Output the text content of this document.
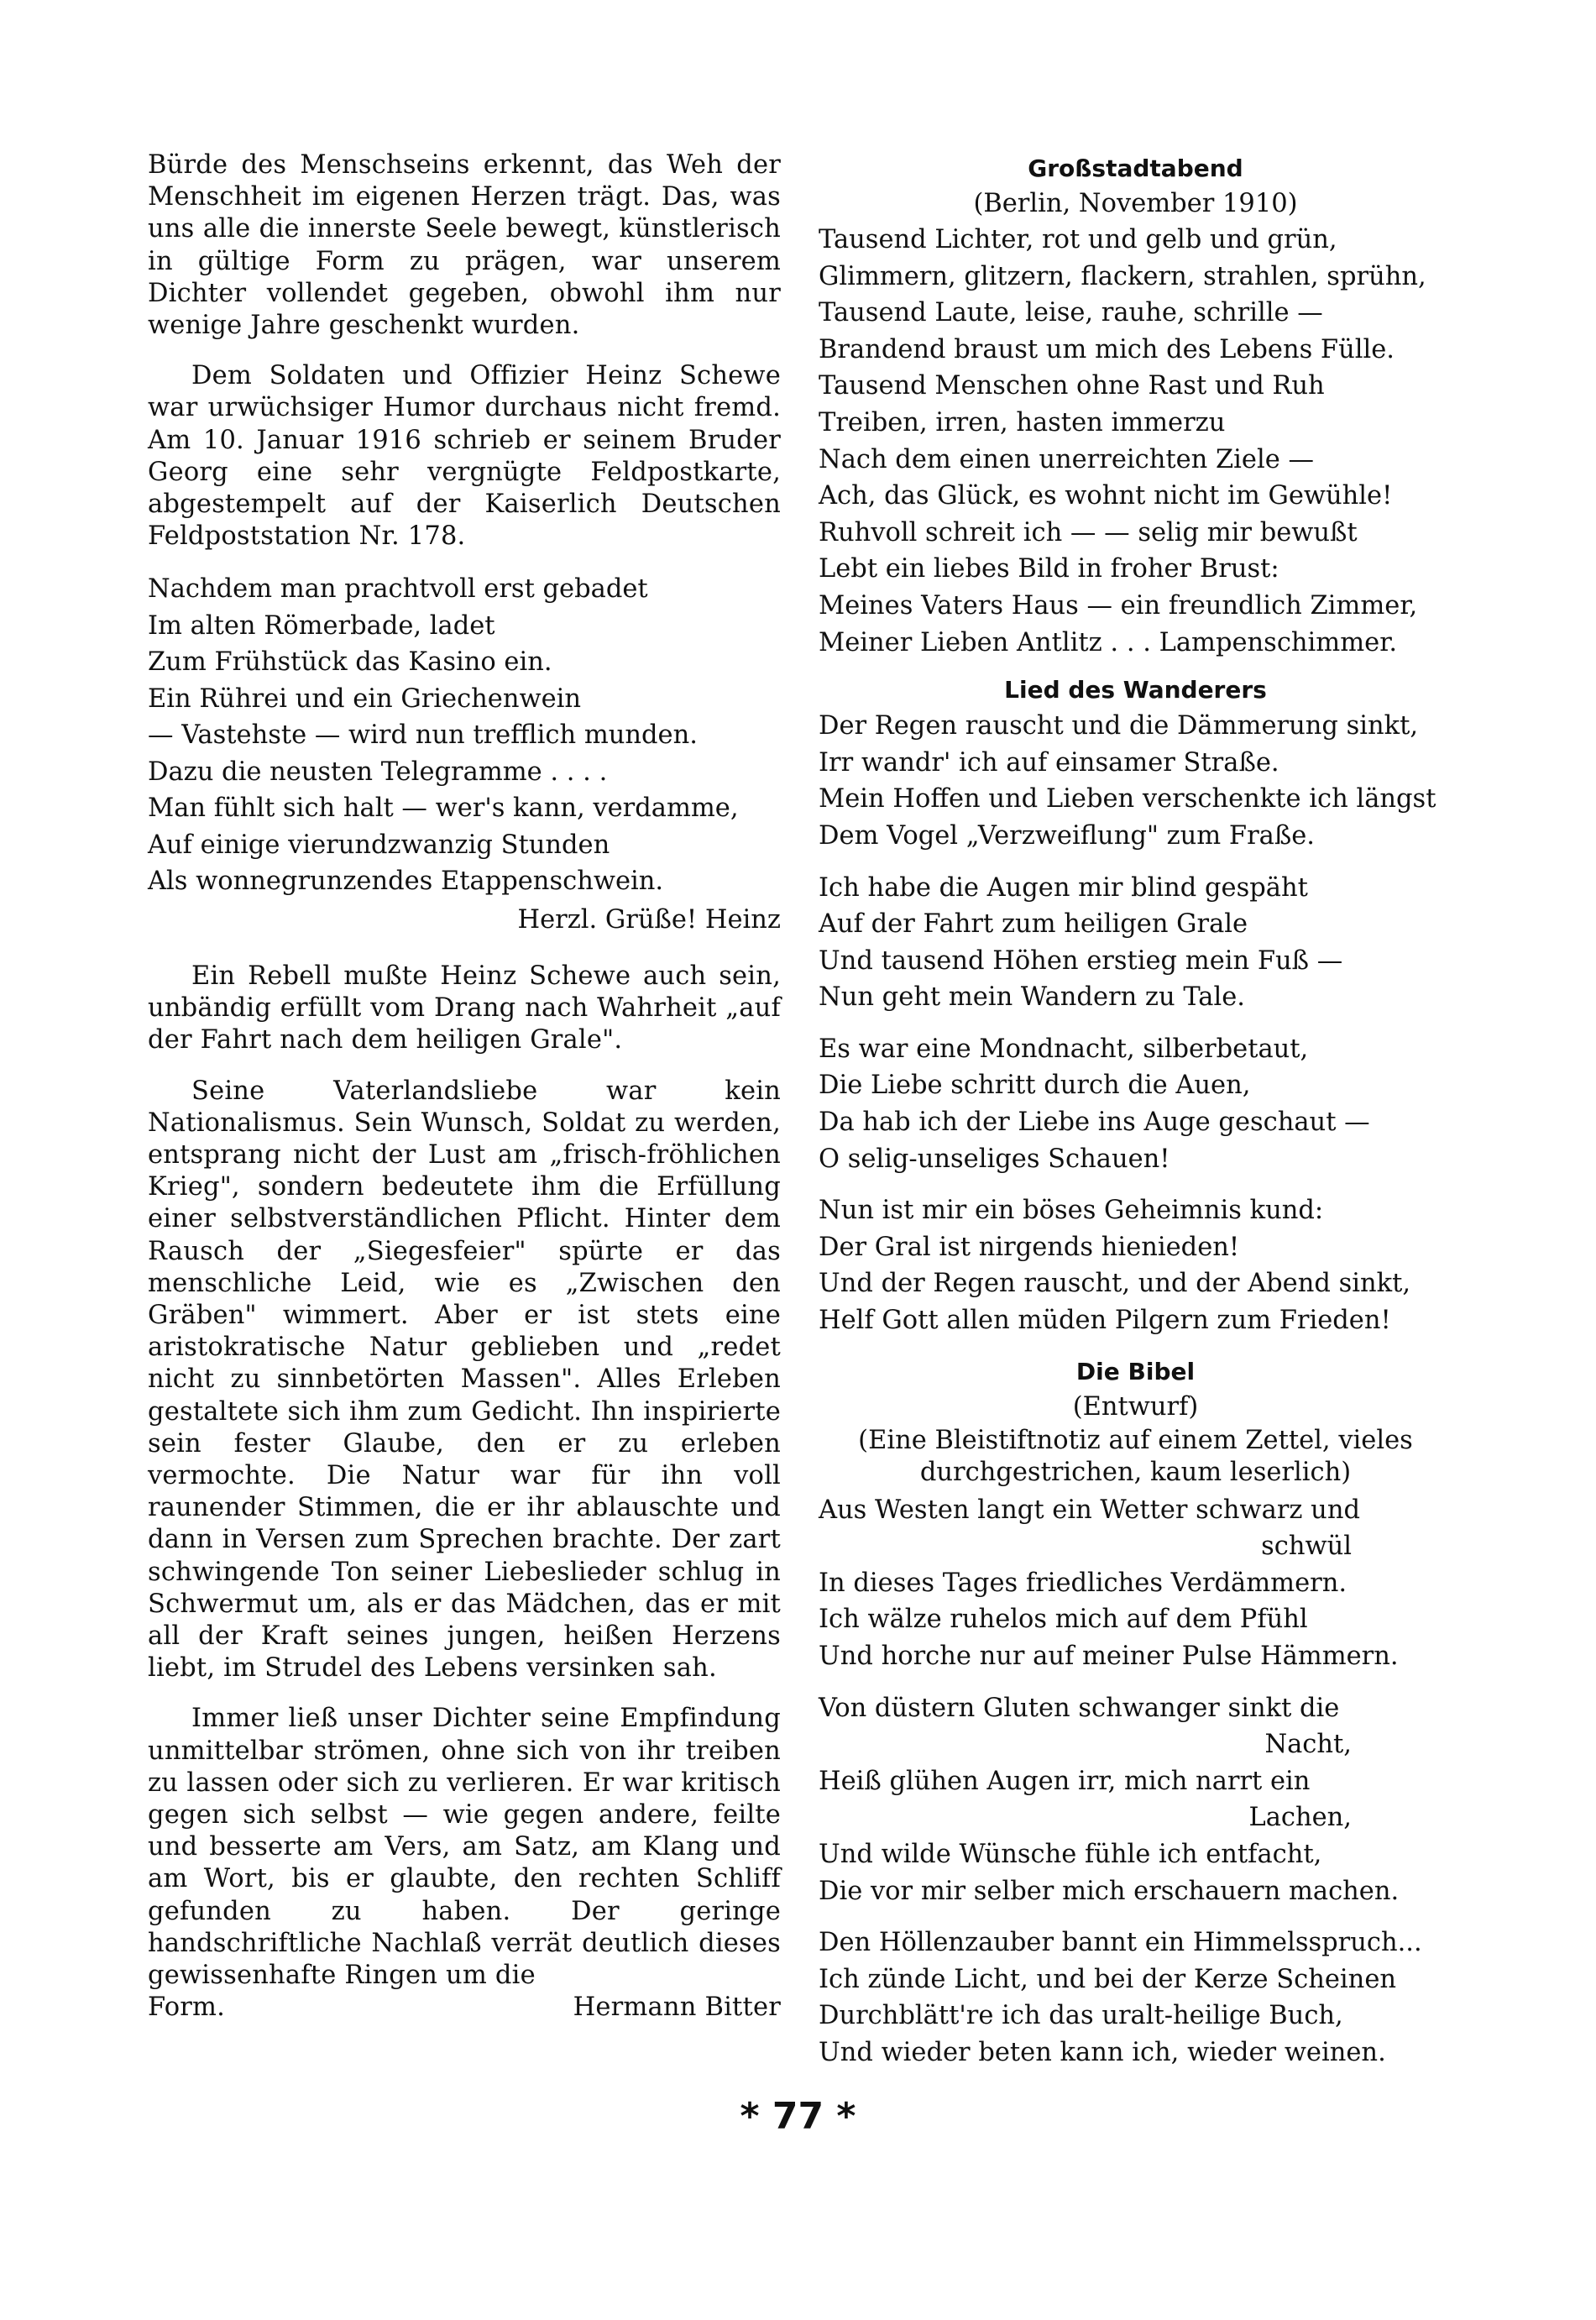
Bürde des Menschseins erkennt, das Weh der Menschheit im eigenen Herzen trägt. Das, was uns alle die innerste Seele bewegt, künstlerisch in gültige Form zu prägen, war unserem Dichter vollendet gegeben, obwohl ihm nur wenige Jahre geschenkt wurden.

Dem Soldaten und Offizier Heinz Schewe war urwüchsiger Humor durchaus nicht fremd. Am 10. Januar 1916 schrieb er seinem Bruder Georg eine sehr vergnügte Feldpostkarte, abgestempelt auf der Kaiserlich Deutschen Feldpoststation Nr. 178.

Nachdem man prachtvoll erst gebadet
Im alten Römerbade, ladet
Zum Frühstück das Kasino ein.
Ein Rührei und ein Griechenwein
— Vastehste — wird nun trefflich munden.
Dazu die neusten Telegramme . . . .
Man fühlt sich halt — wer's kann, verdamme,
Auf einige vierundzwanzig Stunden
Als wonnegrunzendes Etappenschwein.
Herzl. Grüße! Heinz

Ein Rebell mußte Heinz Schewe auch sein, unbändig erfüllt vom Drang nach Wahrheit „auf der Fahrt nach dem heiligen Grale".

Seine Vaterlandsliebe war kein Nationalismus. Sein Wunsch, Soldat zu werden, entsprang nicht der Lust am „frisch-fröhlichen Krieg", sondern bedeutete ihm die Erfüllung einer selbstverständlichen Pflicht. Hinter dem Rausch der „Siegesfeier" spürte er das menschliche Leid, wie es „Zwischen den Gräben" wimmert. Aber er ist stets eine aristokratische Natur geblieben und „redet nicht zu sinnbetörten Massen". Alles Erleben gestaltete sich ihm zum Gedicht. Ihn inspirierte sein fester Glaube, den er zu erleben vermochte. Die Natur war für ihn voll raunender Stimmen, die er ihr ablauschte und dann in Versen zum Sprechen brachte. Der zart schwingende Ton seiner Liebeslieder schlug in Schwermut um, als er das Mädchen, das er mit all der Kraft seines jungen, heißen Herzens liebt, im Strudel des Lebens versinken sah.

Immer ließ unser Dichter seine Empfindung unmittelbar strömen, ohne sich von ihr treiben zu lassen oder sich zu verlieren. Er war kritisch gegen sich selbst — wie gegen andere, feilte und besserte am Vers, am Satz, am Klang und am Wort, bis er glaubte, den rechten Schliff gefunden zu haben. Der geringe handschriftliche Nachlaß verrät deutlich dieses gewissenhafte Ringen um die

Form.	Hermann Bitter
Großstadtabend
(Berlin, November 1910)
Tausend Lichter, rot und gelb und grün,
Glimmern, glitzern, flackern, strahlen, sprühn,
Tausend Laute, leise, rauhe, schrille —
Brandend braust um mich des Lebens Fülle.
Tausend Menschen ohne Rast und Ruh
Treiben, irren, hasten immerzu
Nach dem einen unerreichten Ziele —
Ach, das Glück, es wohnt nicht im Gewühle!
Ruhvoll schreit ich — — selig mir bewußt
Lebt ein liebes Bild in froher Brust:
Meines Vaters Haus — ein freundlich Zimmer,
Meiner Lieben Antlitz . . . Lampenschimmer.
Lied des Wanderers
Der Regen rauscht und die Dämmerung sinkt,
Irr wandr' ich auf einsamer Straße.
Mein Hoffen und Lieben verschenkte ich längst
Dem Vogel „Verzweiflung" zum Fraße.
Ich habe die Augen mir blind gespäht
Auf der Fahrt zum heiligen Grale
Und tausend Höhen erstieg mein Fuß —
Nun geht mein Wandern zu Tale.
Es war eine Mondnacht, silberbetaut,
Die Liebe schritt durch die Auen,
Da hab ich der Liebe ins Auge geschaut —
O selig-unseliges Schauen!
Nun ist mir ein böses Geheimnis kund:
Der Gral ist nirgends hienieden!
Und der Regen rauscht, und der Abend sinkt,
Helf Gott allen müden Pilgern zum Frieden!
Die Bibel
(Entwurf)
(Eine Bleistiftnotiz auf einem Zettel, vieles durchgestrichen, kaum leserlich)
Aus Westen langt ein Wetter schwarz und
schwül
In dieses Tages friedliches Verdämmern.
Ich wälze ruhelos mich auf dem Pfühl
Und horche nur auf meiner Pulse Hämmern.
Von düstern Gluten schwanger sinkt die
Nacht,
Heiß glühen Augen irr, mich narrt ein
Lachen,
Und wilde Wünsche fühle ich entfacht,
Die vor mir selber mich erschauern machen.
Den Höllenzauber bannt ein Himmelsspruch...
Ich zünde Licht, und bei der Kerze Scheinen
Durchblätt're ich das uralt-heilige Buch,
Und wieder beten kann ich, wieder weinen.
* 77 *
